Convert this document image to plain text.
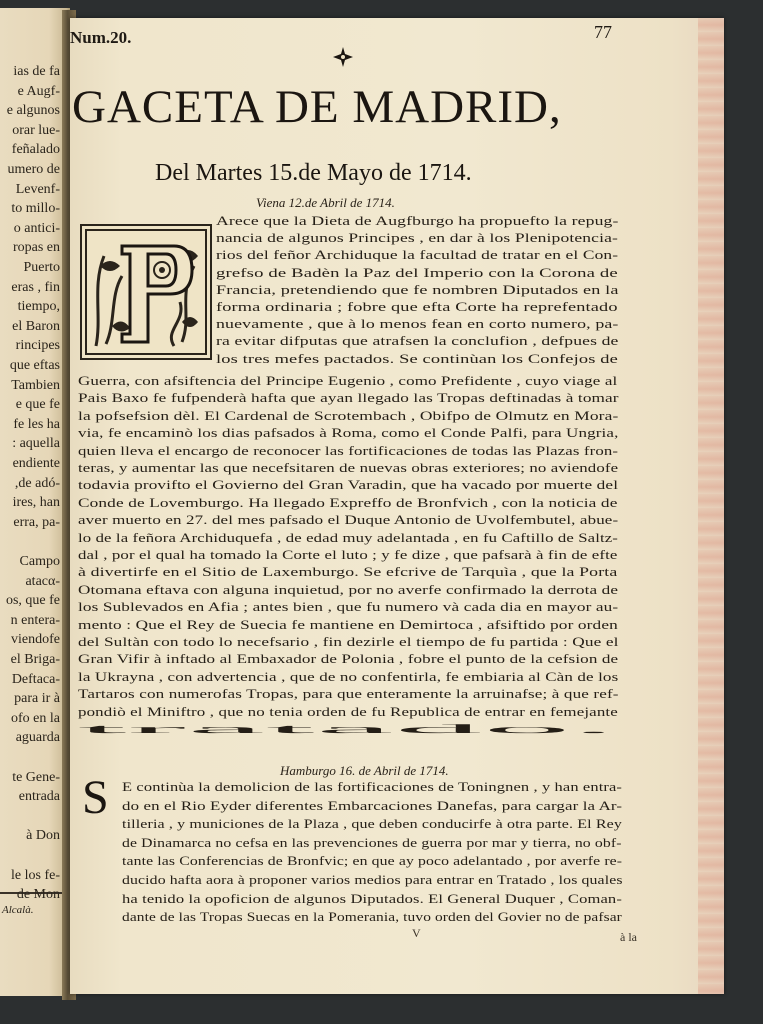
Alcalà.
ias de fa
e Augf-
e algunos
orar lue-
feñalado
umero de
Levenf-
to millo-
o antici-
ropas en
Puerto
eras , fin
tiempo,
el Baron
rincipes
que eftas
Tambien
e que fe
fe les ha
: aquella
endiente
,de adó-
ires, han
erra, pa-
Campo
atacα-
os, que fe
n entera-
viendofe
el Briga-
Deftaca-
para ir à
ofo en la
aguarda
te Gene-
entrada
à Don
le los fe-
de Mon
Num.20.	77
GACETA DE MADRID,
Del Martes 15.de Mayo de 1714.
Viena 12.de Abril de 1714.
Arece que la Dieta de Augfburgo ha propuefto la repug-
nancia de algunos Principes , en dar à los Plenipotencia-
rios del feñor Archiduque la facultad de tratar en el Con-
grefso de Badèn la Paz del Imperio con la Corona de
Francia, pretendiendo que fe nombren Diputados en la
forma ordinaria ; fobre que efta Corte ha reprefentado
nuevamente , que à lo menos fean en corto numero, pa-
ra evitar difputas que atrafsen la conclufion , defpues de
los tres mefes pactados. Se continùan los Confejos de
Guerra, con afsiftencia del Principe Eugenio , como Prefidente , cuyo viage al
Pais Baxo fe fufpenderà hafta que ayan llegado las Tropas deftinadas à tomar
la pofsefsion dèl. El Cardenal de Scrotembach , Obifpo de Olmutz en Mora-
via, fe encaminò los dias pafsados à Roma, como el Conde Palfi, para Ungria,
quien lleva el encargo de reconocer las fortificaciones de todas las Plazas fron-
teras, y aumentar las que necefsitaren de nuevas obras exteriores; no aviendofe
todavia provifto el Govierno del Gran Varadin, que ha vacado por muerte del
Conde de Lovemburgo. Ha llegado Expreffo de Bronfvich , con la noticia de
aver muerto en 27. del mes pafsado el Duque Antonio de Uvolfembutel, abue-
lo de la feñora Archiduquefa , de edad muy adelantada , en fu Caftillo de Saltz-
dal , por el qual ha tomado la Corte el luto ; y fe dize , que pafsarà à fin de efte
à divertirfe en el Sitio de Laxemburgo. Se efcrive de Tarquìa , que la Porta
Otomana eftava con alguna inquietud, por no averfe confirmado la derrota de
los Sublevados en Afia ; antes bien , que fu numero và cada dia en mayor au-
mento : Que el Rey de Suecia fe mantiene en Demirtoca , afsiftido por orden
del Sultàn con todo lo necefsario , fin dezirle el tiempo de fu partida : Que el
Gran Vifir à inftado al Embaxador de Polonia , fobre el punto de la cefsion de
la Ukrayna , con advertencia , que de no confentirla, fe embiaria al Càn de los
Tartaros con numerofas Tropas, para que enteramente la arruinafse; à que ref-
pondiò el Miniftro , que no tenia orden de fu Republica de entrar en femejante
tratado.
Hamburgo 16. de Abril de 1714.
S E continùa la demolicion de las fortificaciones de Toningnen , y han entra-
do en el Rio Eyder diferentes Embarcaciones Danefas, para cargar la Ar-
tilleria , y municiones de la Plaza , que deben conducirfe à otra parte. El Rey
de Dinamarca no cefsa en las prevenciones de guerra por mar y tierra, no obf-
tante las Conferencias de Bronfvic; en que ay poco adelantado , por averfe re-
ducido hafta aora à proponer varios medios para entrar en Tratado , los quales
ha tenido la opoficion de algunos Diputados. El General Duquer , Coman-
dante de las Tropas Suecas en la Pomerania, tuvo orden del Govier no de pafsar
à la
V
